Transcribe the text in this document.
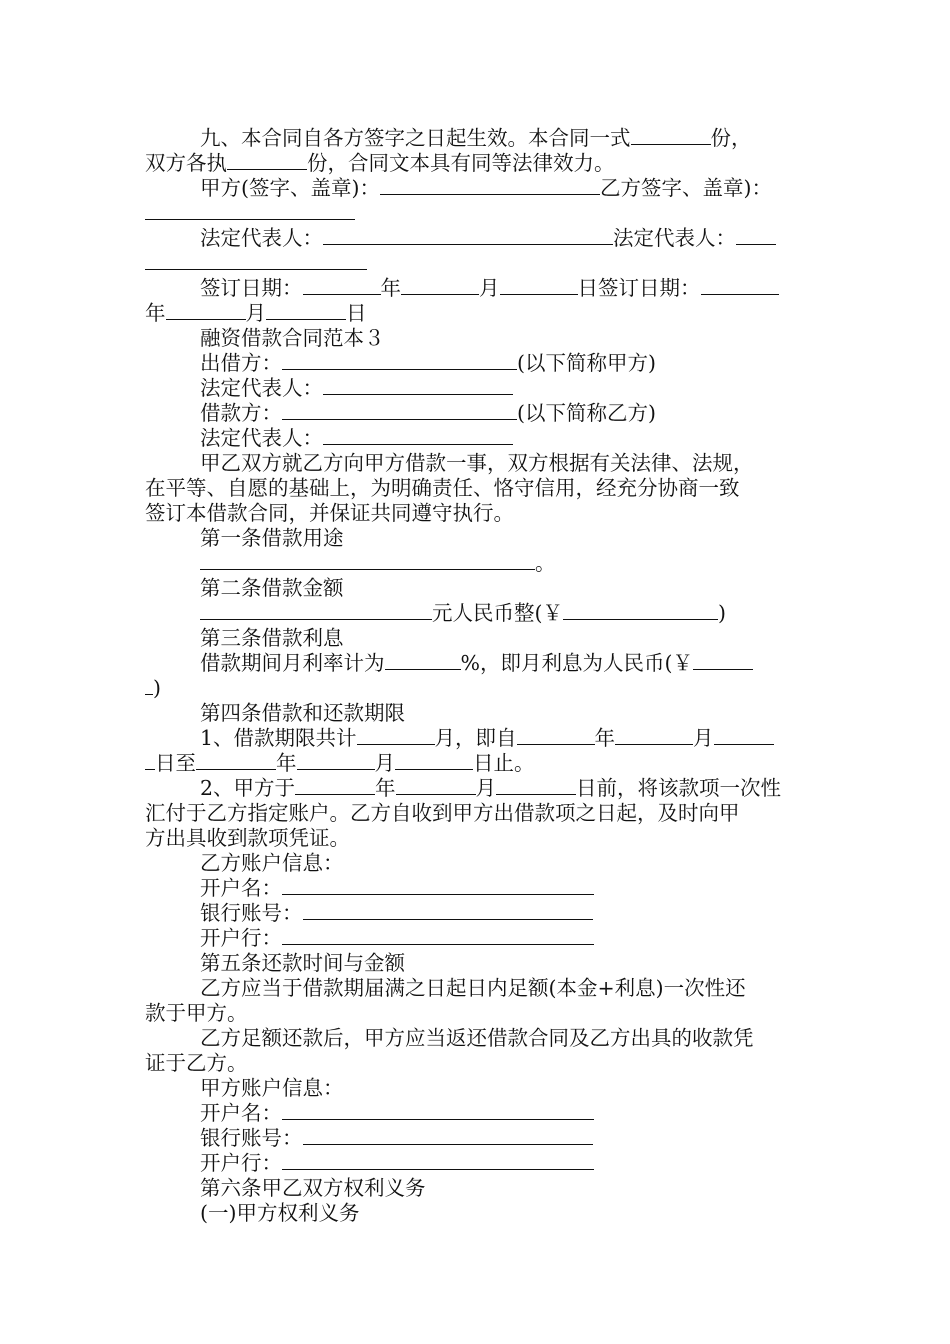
九、本合同自各方签字之日起生效。本合同一式	份，
双方各执	份，合同文本具有同等法律效力。
甲方(签字、盖章)：	乙方签字、盖章)：
法定代表人：	法定代表人：
签订日期：	年	月	日签订日期：
年	月	日
融资借款合同范本３
出借方：	(以下简称甲方)
法定代表人：
借款方：	(以下简称乙方)
法定代表人：
甲乙双方就乙方向甲方借款一事，双方根据有关法律、法规，
在平等、自愿的基础上，为明确责任、恪守信用，经充分协商一致
签订本借款合同，并保证共同遵守执行。
第一条借款用途
。
第二条借款金额
元人民币整(￥	)
第三条借款利息
借款期间月利率计为	%，即月利息为人民币(￥
)
第四条借款和还款期限
1、借款期限共计	月，即自	年	月
日至	年	月	日止。
2、甲方于	年	月	日前，将该款项一次性
汇付于乙方指定账户。乙方自收到甲方出借款项之日起，及时向甲
方出具收到款项凭证。
乙方账户信息：
开户名：
银行账号：
开户行：
第五条还款时间与金额
乙方应当于借款期届满之日起日内足额(本金+利息)一次性还
款于甲方。
乙方足额还款后，甲方应当返还借款合同及乙方出具的收款凭
证于乙方。
甲方账户信息：
开户名：
银行账号：
开户行：
第六条甲乙双方权利义务
(一)甲方权利义务
